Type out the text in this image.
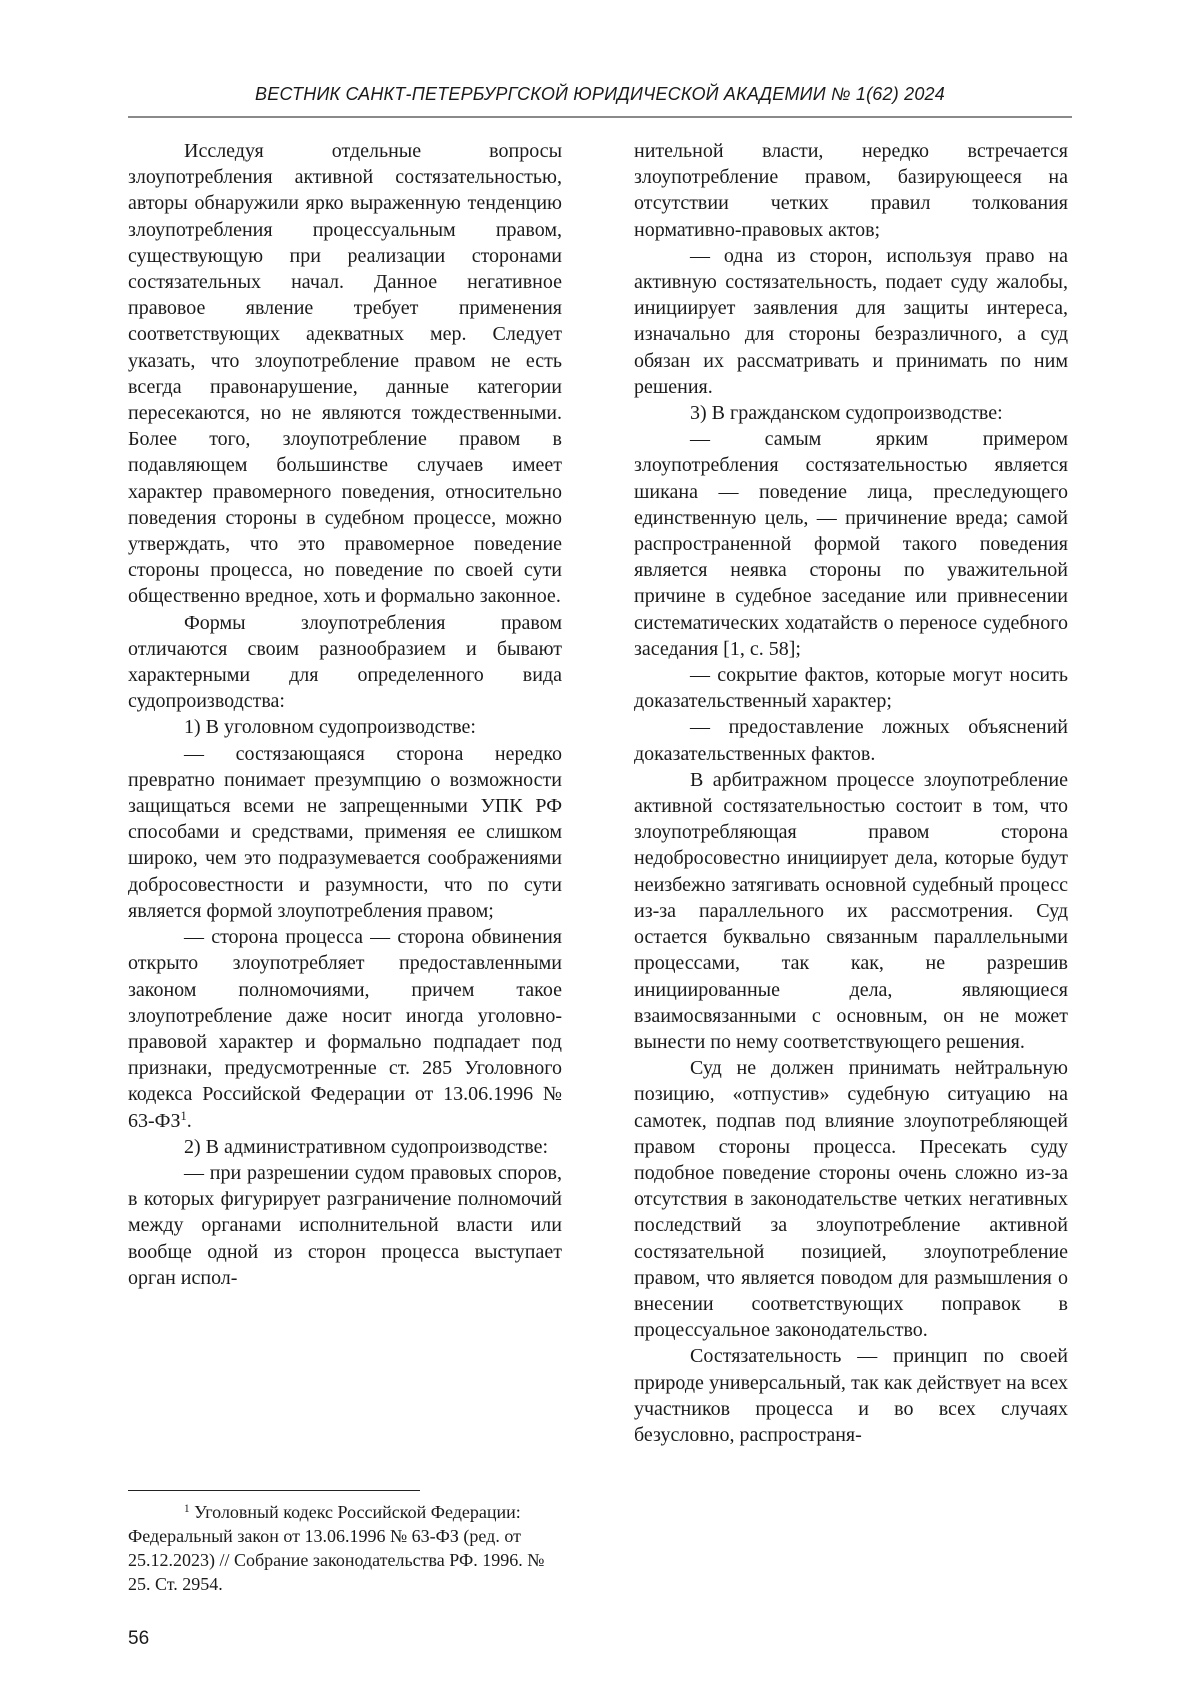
ВЕСТНИК САНКТ-ПЕТЕРБУРГСКОЙ ЮРИДИЧЕСКОЙ АКАДЕМИИ № 1(62) 2024

Исследуя отдельные вопросы злоупотребления активной состязательностью, авторы обнаружили ярко выраженную тенденцию злоупотребления процессуальным правом, существующую при реализации сторонами состязательных начал. Данное негативное правовое явление требует применения соответствующих адекватных мер. Следует указать, что злоупотребление правом не есть всегда правонарушение, данные категории пересекаются, но не являются тождественными. Более того, злоупотребление правом в подавляющем большинстве случаев имеет характер правомерного поведения, относительно поведения стороны в судебном процессе, можно утверждать, что это правомерное поведение стороны процесса, но поведение по своей сути общественно вредное, хоть и формально законное.

Формы злоупотребления правом отличаются своим разнообразием и бывают характерными для определенного вида судопроизводства:

1) В уголовном судопроизводстве:

— состязающаяся сторона нередко превратно понимает презумпцию о возможности защищаться всеми не запрещенными УПК РФ способами и средствами, применяя ее слишком широко, чем это подразумевается соображениями добросовестности и разумности, что по сути является формой злоупотребления правом;

— сторона процесса — сторона обвинения открыто злоупотребляет предоставленными законом полномочиями, причем такое злоупотребление даже носит иногда уголовно-правовой характер и формально подпадает под признаки, предусмотренные ст. 285 Уголовного кодекса Российской Федерации от 13.06.1996 № $63-ФЗ^1$.

2) В административном судопроизводстве:

— при разрешении судом правовых споров, в которых фигурирует разграничение полномочий между органами исполнительной власти или вообще одной из сторон процесса выступает орган испол-

нительной власти, нередко встречается злоупотребление правом, базирующееся на отсутствии четких правил толкования нормативно-правовых актов;

— одна из сторон, используя право на активную состязательность, подает суду жалобы, инициирует заявления для защиты интереса, изначально для стороны безразличного, а суд обязан их рассматривать и принимать по ним решения.

3) В гражданском судопроизводстве:

— самым ярким примером злоупотребления состязательностью является шикана — поведение лица, преследующего единственную цель, — причинение вреда; самой распространенной формой такого поведения является неявка стороны по уважительной причине в судебное заседание или привнесении систематических ходатайств о переносе судебного заседания [1, с. 58];

— сокрытие фактов, которые могут носить доказательственный характер;

— предоставление ложных объяснений доказательственных фактов.

В арбитражном процессе злоупотребление активной состязательностью состоит в том, что злоупотребляющая правом сторона недобросовестно инициирует дела, которые будут неизбежно затягивать основной судебный процесс из-за параллельного их рассмотрения. Суд остается буквально связанным параллельными процессами, так как, не разрешив инициированные дела, являющиеся взаимосвязанными с основным, он не может вынести по нему соответствующего решения.

Суд не должен принимать нейтральную позицию, «отпустив» судебную ситуацию на самотек, подпав под влияние злоупотребляющей правом стороны процесса. Пресекать суду подобное поведение стороны очень сложно из-за отсутствия в законодательстве четких негативных последствий за злоупотребление активной состязательной позицией, злоупотребление правом, что является поводом для размышления о внесении соответствующих поправок в процессуальное законодательство.

Состязательность — принцип по своей природе универсальный, так как действует на всех участников процесса и во всех случаях безусловно, распространя-

$^1$ Уголовный кодекс Российской Федерации: Федеральный закон от 13.06.1996 № 63-ФЗ (ред. от 25.12.2023) // Собрание законодательства РФ. 1996. № 25. Ст. 2954.

56
